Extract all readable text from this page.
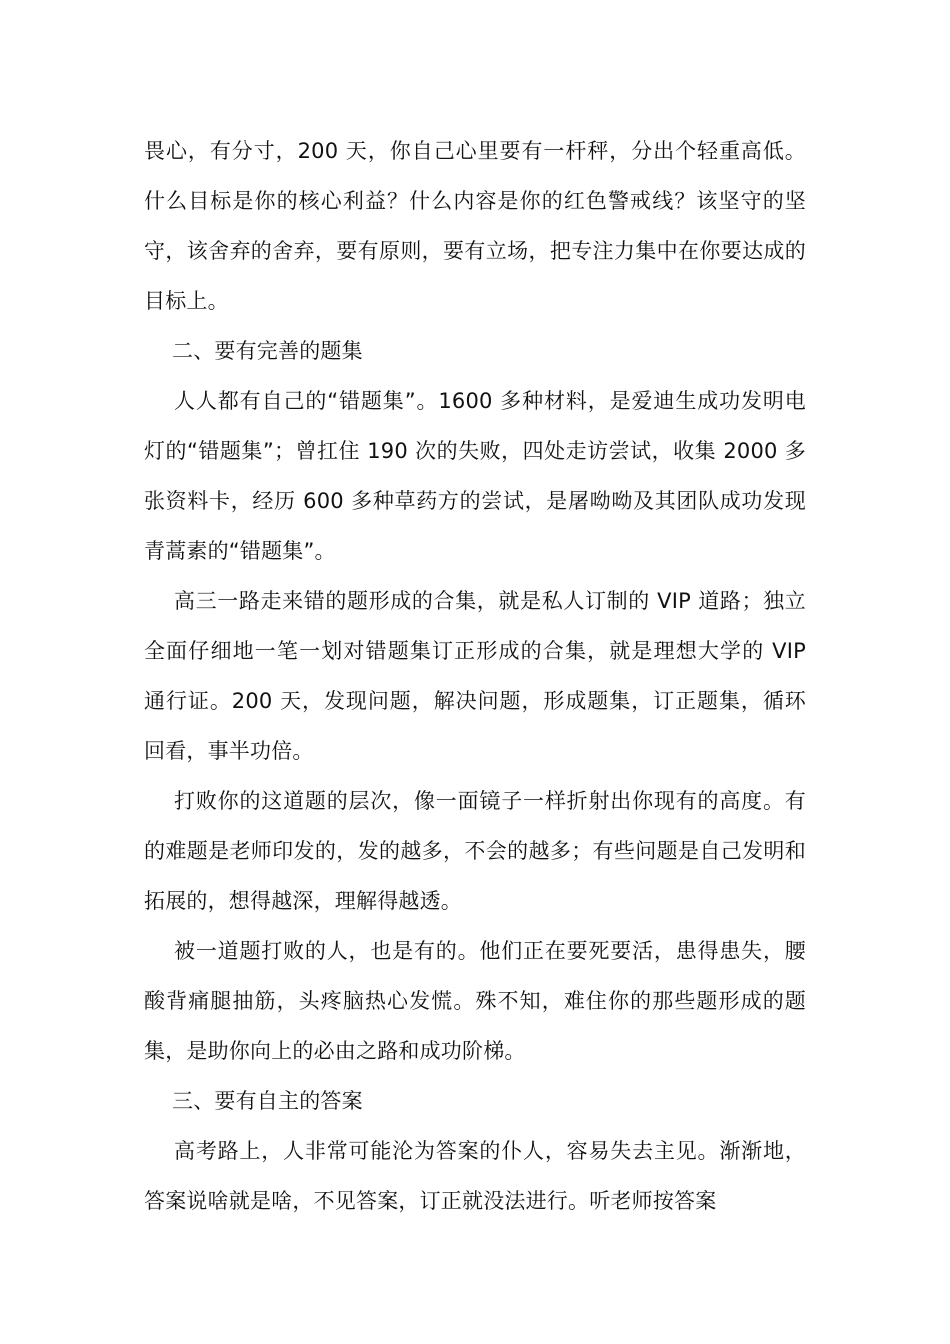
畏心，有分寸，200 天，你自己心里要有一杆秤，分出个轻重高低。什么目标是你的核心利益？什么内容是你的红色警戒线？该坚守的坚守，该舍弃的舍弃，要有原则，要有立场，把专注力集中在你要达成的目标上。

二、要有完善的题集

人人都有自己的“错题集”。1600 多种材料，是爱迪生成功发明电灯的“错题集”；曾扛住 190 次的失败，四处走访尝试，收集 2000 多张资料卡，经历 600 多种草药方的尝试，是屠呦呦及其团队成功发现青蒿素的“错题集”。

高三一路走来错的题形成的合集，就是私人订制的 VIP 道路；独立全面仔细地一笔一划对错题集订正形成的合集，就是理想大学的 VIP 通行证。200 天，发现问题，解决问题，形成题集，订正题集，循环回看，事半功倍。

打败你的这道题的层次，像一面镜子一样折射出你现有的高度。有的难题是老师印发的，发的越多，不会的越多；有些问题是自己发明和拓展的，想得越深，理解得越透。

被一道题打败的人，也是有的。他们正在要死要活，患得患失，腰酸背痛腿抽筋，头疼脑热心发慌。殊不知，难住你的那些题形成的题集，是助你向上的必由之路和成功阶梯。

三、要有自主的答案

高考路上，人非常可能沦为答案的仆人，容易失去主见。渐渐地，答案说啥就是啥，不见答案，订正就没法进行。听老师按答案
